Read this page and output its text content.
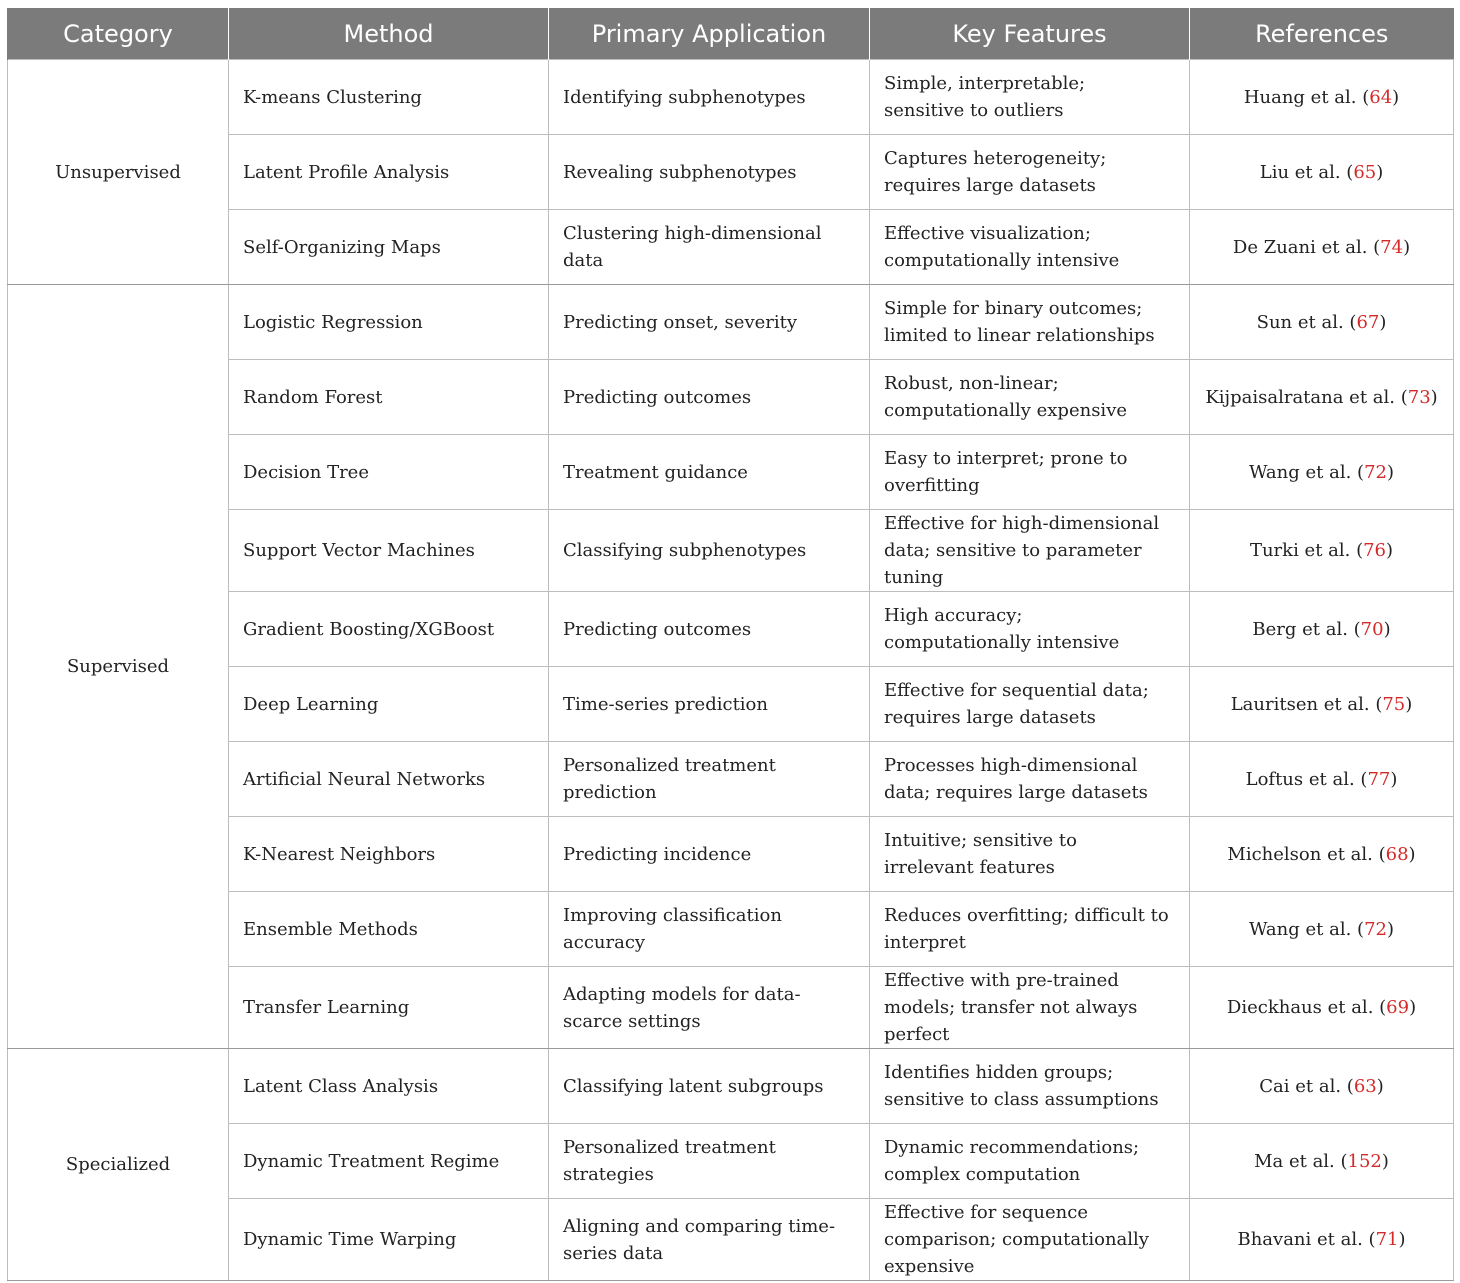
Category	Method	Primary Application	Key Features	References
Unsupervised	K-means Clustering	Identifying subphenotypes	Simple, interpretable; sensitive to outliers	Huang et al. (64)
	Latent Profile Analysis	Revealing subphenotypes	Captures heterogeneity; requires large datasets	Liu et al. (65)
	Self-Organizing Maps	Clustering high-dimensional data	Effective visualization; computationally intensive	De Zuani et al. (74)
Supervised	Logistic Regression	Predicting onset, severity	Simple for binary outcomes; limited to linear relationships	Sun et al. (67)
	Random Forest	Predicting outcomes	Robust, non-linear; computationally expensive	Kijpaisalratana et al. (73)
	Decision Tree	Treatment guidance	Easy to interpret; prone to overfitting	Wang et al. (72)
	Support Vector Machines	Classifying subphenotypes	Effective for high-dimensional data; sensitive to parameter tuning	Turki et al. (76)
	Gradient Boosting/XGBoost	Predicting outcomes	High accuracy; computationally intensive	Berg et al. (70)
	Deep Learning	Time-series prediction	Effective for sequential data; requires large datasets	Lauritsen et al. (75)
	Artificial Neural Networks	Personalized treatment prediction	Processes high-dimensional data; requires large datasets	Loftus et al. (77)
	K-Nearest Neighbors	Predicting incidence	Intuitive; sensitive to irrelevant features	Michelson et al. (68)
	Ensemble Methods	Improving classification accuracy	Reduces overfitting; difficult to interpret	Wang et al. (72)
	Transfer Learning	Adapting models for data-scarce settings	Effective with pre-trained models; transfer not always perfect	Dieckhaus et al. (69)
Specialized	Latent Class Analysis	Classifying latent subgroups	Identifies hidden groups; sensitive to class assumptions	Cai et al. (63)
	Dynamic Treatment Regime	Personalized treatment strategies	Dynamic recommendations; complex computation	Ma et al. (152)
	Dynamic Time Warping	Aligning and comparing time-series data	Effective for sequence comparison; computationally expensive	Bhavani et al. (71)
